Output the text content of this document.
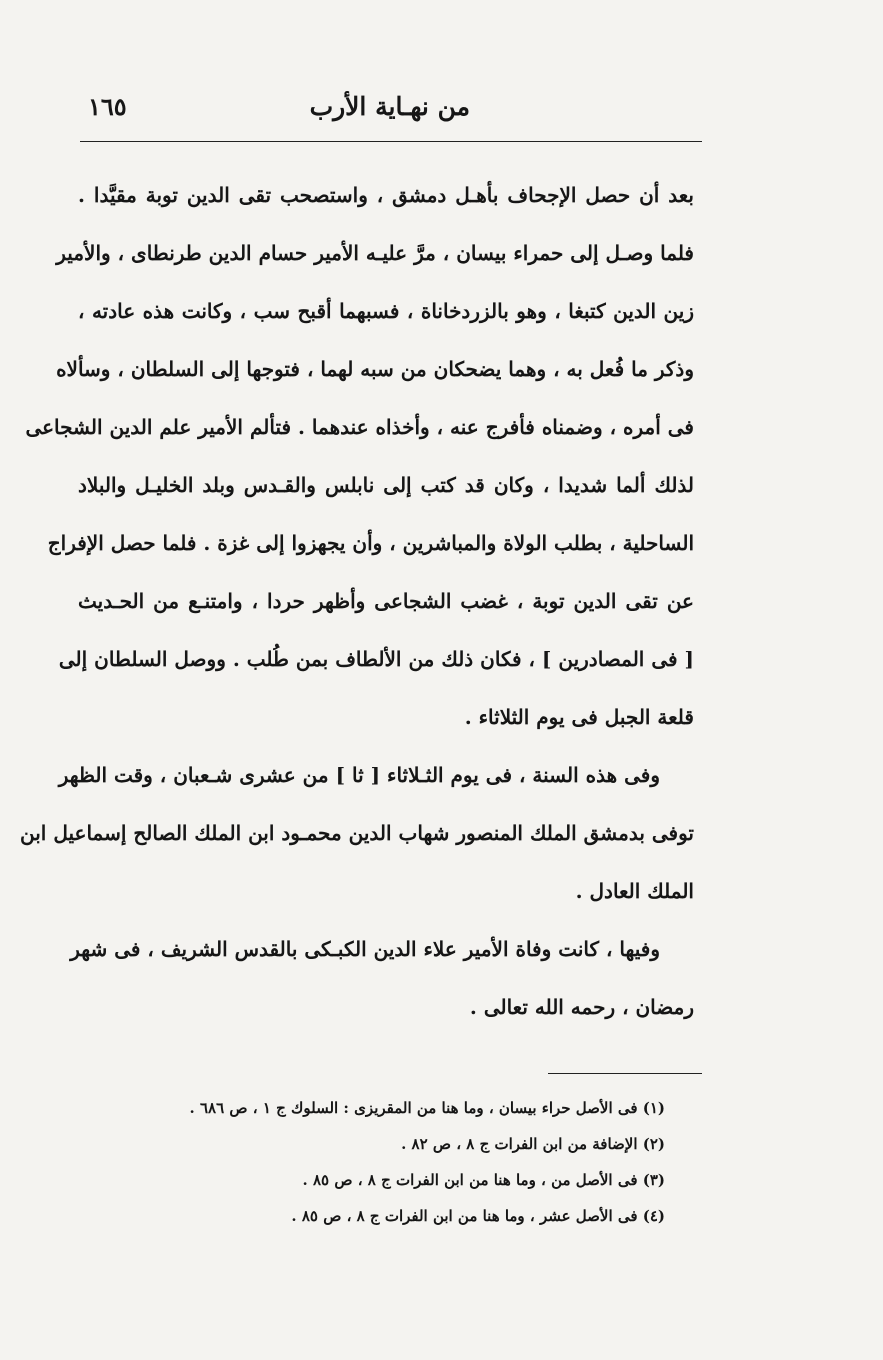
١٦٥	من نهـاية الأرب
بعد أن حصل الإجحاف بأهـل دمشق ، واستصحب تقى الدين توبة مقيَّدا .
فلما وصـل إلى حمراء بيسان ، مرَّ عليـه الأمير حسام الدين طرنطاى ، والأمير
زين الدين كتبغا ، وهو بالزردخاناة ، فسبهما أقبح سب ، وكانت هذه عادته ،
وذكر ما فُعل به ، وهما يضحكان من سبه لهما ، فتوجها إلى السلطان ، وسألاه
فى أمره ، وضمناه فأفرج عنه ، وأخذاه عندهما . فتألم الأمير علم الدين الشجاعى
لذلك ألما شديدا ، وكان قد كتب إلى نابلس والقـدس وبلد الخليـل والبلاد
الساحلية ، بطلب الولاة والمباشرين ، وأن يجهزوا إلى غزة . فلما حصل الإفراج
عن تقى الدين توبة ، غضب الشجاعى وأظهر حردا ، وامتنـع من الحـديث
[ فى المصادرين ] ، فكان ذلك من الألطاف بمن طُلب . ووصل السلطان إلى
قلعة الجبل فى يوم الثلاثاء .
وفى هذه السنة ، فى يوم الثـلاثاء [ ثا ] من عشرى شـعبان ، وقت الظهر
توفى بدمشق الملك المنصور شهاب الدين محمـود ابن الملك الصالح إسماعيل ابن
الملك العادل .
وفيها ، كانت وفاة الأمير علاء الدين الكبـكى بالقدس الشريف ، فى شهر
رمضان ، رحمه الله تعالى .
(١) فى الأصل حراء بيسان ، وما هنا من المقريزى : السلوك ج ١ ، ص ٦٨٦ .
(٢) الإضافة من ابن الفرات ج ٨ ، ص ٨٢ .
(٣) فى الأصل من ، وما هنا من ابن الفرات ج ٨ ، ص ٨٥ .
(٤) فى الأصل عشر ، وما هنا من ابن الفرات ج ٨ ، ص ٨٥ .
